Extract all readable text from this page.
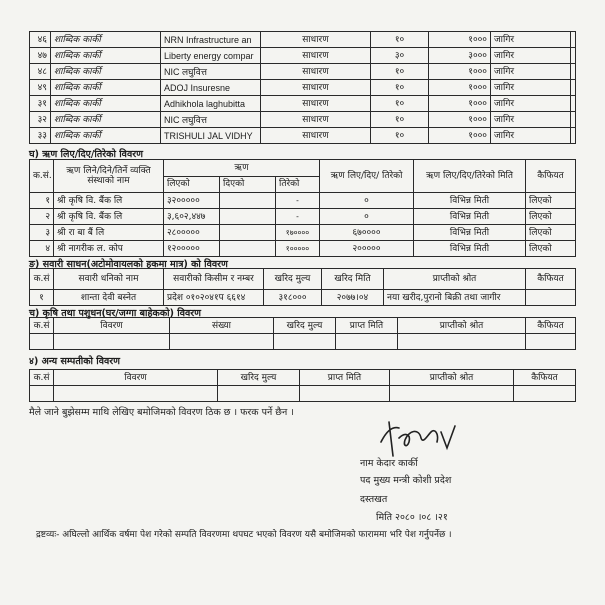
४६	शाब्दिक कार्की	NRN Infrastructure an	साधारण	१०	१०००	जागिर	
४७	शाब्दिक कार्की	Liberty energy compar	साधारण	३०	३०००	जागिर	
४८	शाब्दिक कार्की	NIC लघुवित्त	साधारण	१०	१०००	जागिर	
४९	शाब्दिक कार्की	ADOJ Insuresne	साधारण	१०	१०००	जागिर	
३१	शाब्दिक कार्की	Adhikhola laghubitta	साधारण	१०	१०००	जागिर	
३२	शाब्दिक कार्की	NIC लघुवित्त	साधारण	१०	१०००	जागिर	
३३	शाब्दिक कार्की	TRISHULI JAL VIDHY	साधारण	१०	१०००	जागिर	
घ) ऋण लिए/दिए/तिरेको विवरण
क.सं.	ऋण लिने/दिने/तिर्ने व्यक्ति संस्थाको नाम	ऋण			ऋण लिए/दिए/ तिरेको	ऋण लिए/दिए/तिरेको मिति	कैफियत
		लिएको	दिएको	तिरेको			
१	श्री कृषि वि. बैंक लि	३२०००००		-	०	विभिन्न मिती	लिएको
२	श्री कृषि वि. बैंक लि	३,६०२,४४७		-	०	विभिन्न मिती	लिएको
३	श्री रा बा बैं लि	२८०००००		१७००००	६७००००	विभिन्न मिती	लिएको
४	श्री नागरीक ल. कोप	१२०००००		१०००००	२०००००	विभिन्न मिती	लिएको
ङ) सवारी साधन(अटोमोवायलको हकमा मात्र) को विवरण
क.सं	सवारी धनिको नाम	सवारीको किसीम र नम्बर	खरिद मुल्य	खरिद मिति	प्राप्तीको श्रोत	कैफियत
१	शान्ता देवी बस्नेत	प्रदेश ०१०२०४१प ६६१४	३१८०००	२०७७।०४	नया खरीद,पुरानो बिक्री तथा जागीर	
च) कृषि तथा पशुधन(घर/जग्गा बाहेकको) विवरण
क.सं	विवरण	संख्या	खरिद मुल्य	प्राप्त मिति	प्राप्तीको श्रोत	कैफियत

४) अन्य सम्पतीको विवरण
क.सं	विवरण	खरिद मुल्य	प्राप्त मिति	प्राप्तीको श्रोत	कैफियत

मैले जाने बुझेसम्म माथि लेखिए बमोजिमको विवरण ठिक छ । फरक पर्ने छैन ।
नाम केदार कार्की
पद मुख्य मन्त्री कोशी प्रदेश
दस्तखत
मिति २०८० ।०८ ।२१
द्रष्टव्यः- अघिल्लो आर्थिक वर्षमा पेश गरेको सम्पति विवरणमा थपघट भएको विवरण यसै बमोजिमको फाराममा भरि पेश गर्नुपर्नेछ ।
